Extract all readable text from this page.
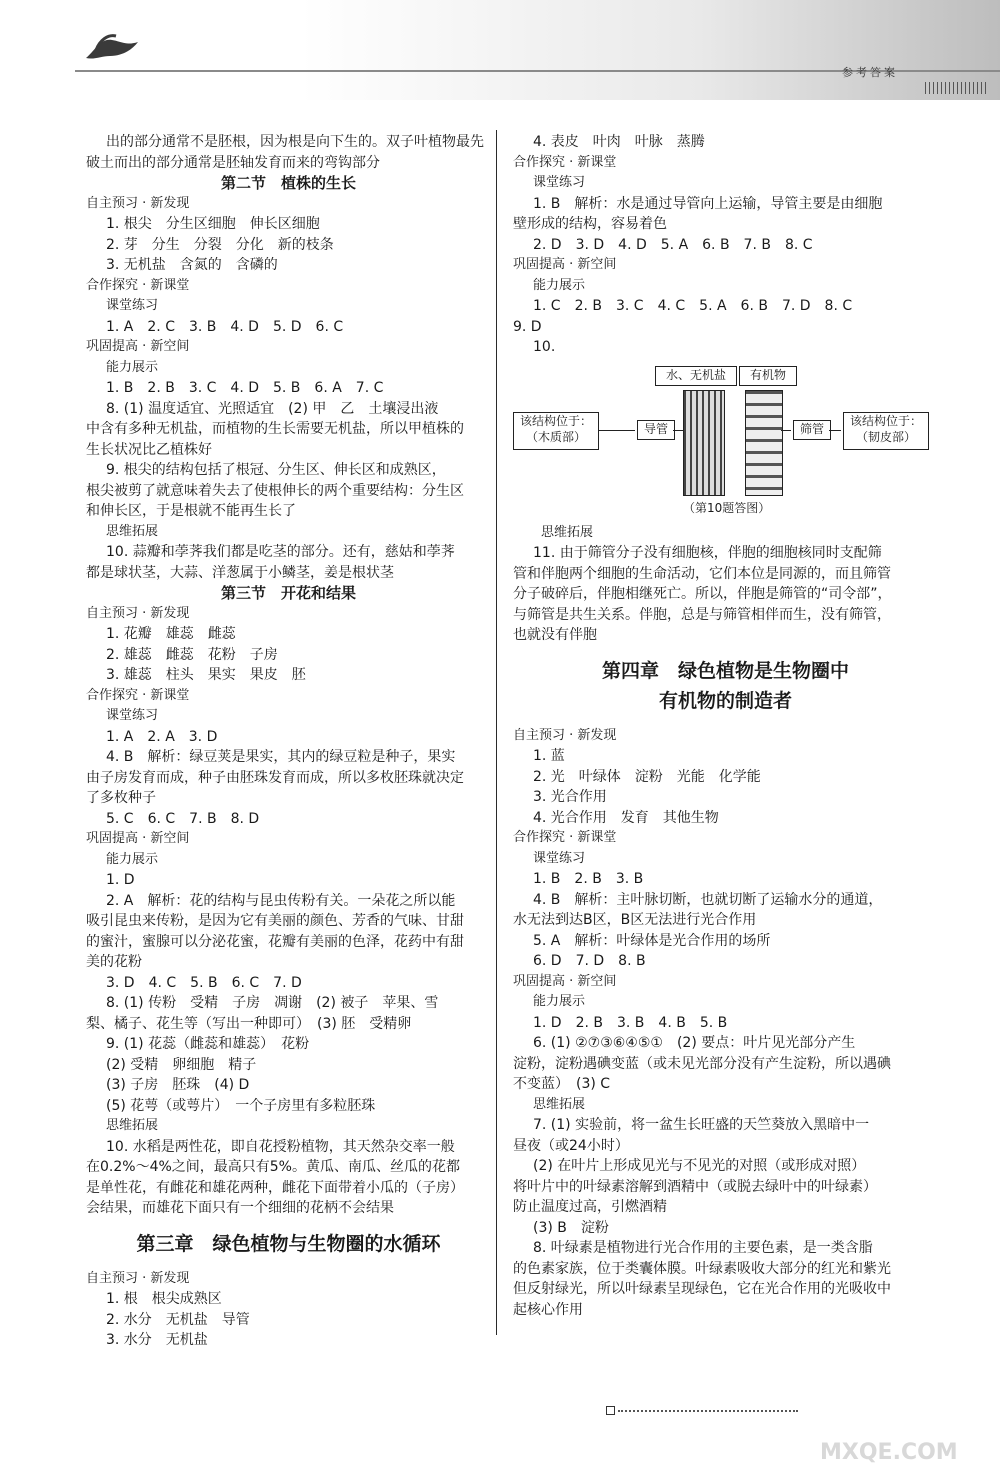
参考答案
出的部分通常不是胚根，因为根是向下生的。双子叶植物最先
破土而出的部分通常是胚轴发育而来的弯钩部分
第二节　植株的生长
自主预习 · 新发现
1. 根尖　分生区细胞　伸长区细胞
2. 芽　分生　分裂　分化　新的枝条
3. 无机盐　含氮的　含磷的
合作探究 · 新课堂
课堂练习
1. A　2. C　3. B　4. D　5. D　6. C
巩固提高 · 新空间
能力展示
1. B　2. B　3. C　4. D　5. B　6. A　7. C
8. (1) 温度适宜、光照适宜　(2) 甲　乙　土壤浸出液
中含有多种无机盐，而植物的生长需要无机盐，所以甲植株的
生长状况比乙植株好
9. 根尖的结构包括了根冠、分生区、伸长区和成熟区，
根尖被剪了就意味着失去了使根伸长的两个重要结构：分生区
和伸长区，于是根就不能再生长了
思维拓展
10. 蒜瓣和荸荠我们都是吃茎的部分。还有，慈姑和荸荠
都是球状茎，大蒜、洋葱属于小鳞茎，姜是根状茎
第三节　开花和结果
自主预习 · 新发现
1. 花瓣　雄蕊　雌蕊
2. 雄蕊　雌蕊　花粉　子房
3. 雄蕊　柱头　果实　果皮　胚
合作探究 · 新课堂
课堂练习
1. A　2. A　3. D
4. B　解析：绿豆荚是果实，其内的绿豆粒是种子，果实
由子房发育而成，种子由胚珠发育而成，所以多枚胚珠就决定
了多枚种子
5. C　6. C　7. B　8. D
巩固提高 · 新空间
能力展示
1. D
2. A　解析：花的结构与昆虫传粉有关。一朵花之所以能
吸引昆虫来传粉，是因为它有美丽的颜色、芳香的气味、甘甜
的蜜汁，蜜腺可以分泌花蜜，花瓣有美丽的色泽，花药中有甜
美的花粉
3. D　4. C　5. B　6. C　7. D
8. (1) 传粉　受精　子房　凋谢　(2) 被子　苹果、雪
梨、橘子、花生等（写出一种即可）　(3) 胚　受精卵
9. (1) 花蕊（雌蕊和雄蕊）　花粉
(2) 受精　卵细胞　精子
(3) 子房　胚珠　(4) D
(5) 花萼（或萼片）　一个子房里有多粒胚珠
思维拓展
10. 水稻是两性花，即自花授粉植物，其天然杂交率一般
在0.2%～4%之间，最高只有5%。黄瓜、南瓜、丝瓜的花都
是单性花，有雌花和雄花两种，雌花下面带着小瓜的（子房）
会结果，而雄花下面只有一个细细的花柄不会结果
第三章　绿色植物与生物圈的水循环
自主预习 · 新发现
1. 根　根尖成熟区
2. 水分　无机盐　导管
3. 水分　无机盐
4. 表皮　叶肉　叶脉　蒸腾
合作探究 · 新课堂
课堂练习
1. B　解析：水是通过导管向上运输，导管主要是由细胞
壁形成的结构，容易着色
2. D　3. D　4. D　5. A　6. B　7. B　8. C
巩固提高 · 新空间
能力展示
1. C　2. B　3. C　4. C　5. A　6. B　7. D　8. C
9. D
10.
水、无机盐	有机物
该结构位于：
（木质部）
导管	筛管
该结构位于：
（韧皮部）
（第10题答图）
思维拓展
11. 由于筛管分子没有细胞核，伴胞的细胞核同时支配筛
管和伴胞两个细胞的生命活动，它们本位是同源的，而且筛管
分子破碎后，伴胞相继死亡。所以，伴胞是筛管的“司令部”，
与筛管是共生关系。伴胞，总是与筛管相伴而生，没有筛管，
也就没有伴胞
第四章　绿色植物是生物圈中
有机物的制造者
自主预习 · 新发现
1. 蓝
2. 光　叶绿体　淀粉　光能　化学能
3. 光合作用
4. 光合作用　发育　其他生物
合作探究 · 新课堂
课堂练习
1. B　2. B　3. B
4. B　解析：主叶脉切断，也就切断了运输水分的通道，
水无法到达B区，B区无法进行光合作用
5. A　解析：叶绿体是光合作用的场所
6. D　7. D　8. B
巩固提高 · 新空间
能力展示
1. D　2. B　3. B　4. B　5. B
6. (1) ②⑦③⑥④⑤①　(2) 要点：叶片见光部分产生
淀粉，淀粉遇碘变蓝（或未见光部分没有产生淀粉，所以遇碘
不变蓝）　(3) C
思维拓展
7. (1) 实验前，将一盆生长旺盛的天竺葵放入黑暗中一
昼夜（或24小时）
(2) 在叶片上形成见光与不见光的对照（或形成对照）
将叶片中的叶绿素溶解到酒精中（或脱去绿叶中的叶绿素）
防止温度过高，引燃酒精
(3) B　淀粉
8. 叶绿素是植物进行光合作用的主要色素，是一类含脂
的色素家族，位于类囊体膜。叶绿素吸收大部分的红光和紫光
但反射绿光，所以叶绿素呈现绿色，它在光合作用的光吸收中
起核心作用
MXQE.COM
